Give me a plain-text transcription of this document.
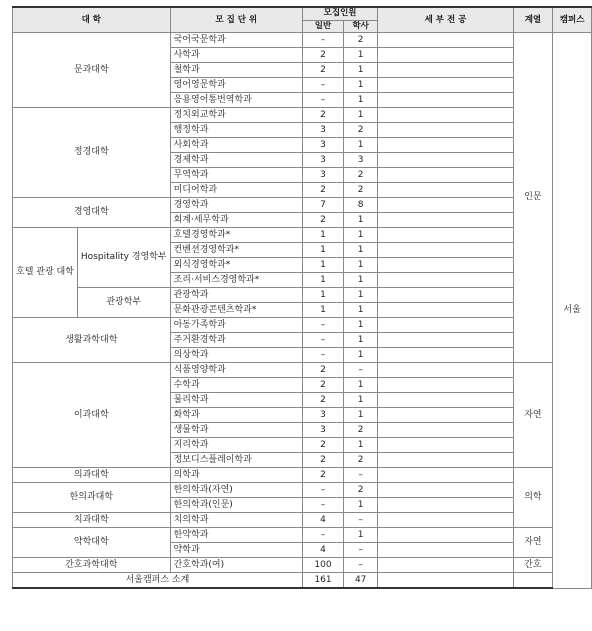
대 학		모 집 단 위	모집인원		세 부 전 공	계열	캠퍼스
			일반	학사			
문과대학		국어국문학과	–	2		인문	서울
		사학과	2	1			
		철학과	2	1			
		영어영문학과	–	1			
		응용영어통번역학과	–	1			
정경대학		정치외교학과	2	1			
		행정학과	3	2			
		사회학과	3	1			
		경제학과	3	3			
		무역학과	3	2			
		미디어학과	2	2			
경영대학		경영학과	7	8			
		회계·세무학과	2	1			
호텔 관광 대학	Hospitality 경영학부	호텔경영학과*	1	1			
		컨벤션경영학과*	1	1			
		외식경영학과*	1	1			
		조리·서비스경영학과*	1	1			
	관광학부	관광학과	1	1			
		문화관광콘텐츠학과*	1	1			
생활과학대학		아동가족학과	–	1			
		주거환경학과	–	1			
		의상학과	–	1			
이과대학		식품영양학과	2	–		자연	
		수학과	2	1			
		물리학과	2	1			
		화학과	3	1			
		생물학과	3	2			
		지리학과	2	1			
		정보디스플레이학과	2	2			
의과대학		의학과	2	–		의학	
한의과대학		한의학과(자연)	–	2			
		한의학과(인문)	–	1			
치과대학		치의학과	4	–			
약학대학		한약학과	–	1		자연	
		약학과	4	–			
간호과학대학		간호학과(여)	100	–		간호	
서울캠퍼스 소계			161	47			
